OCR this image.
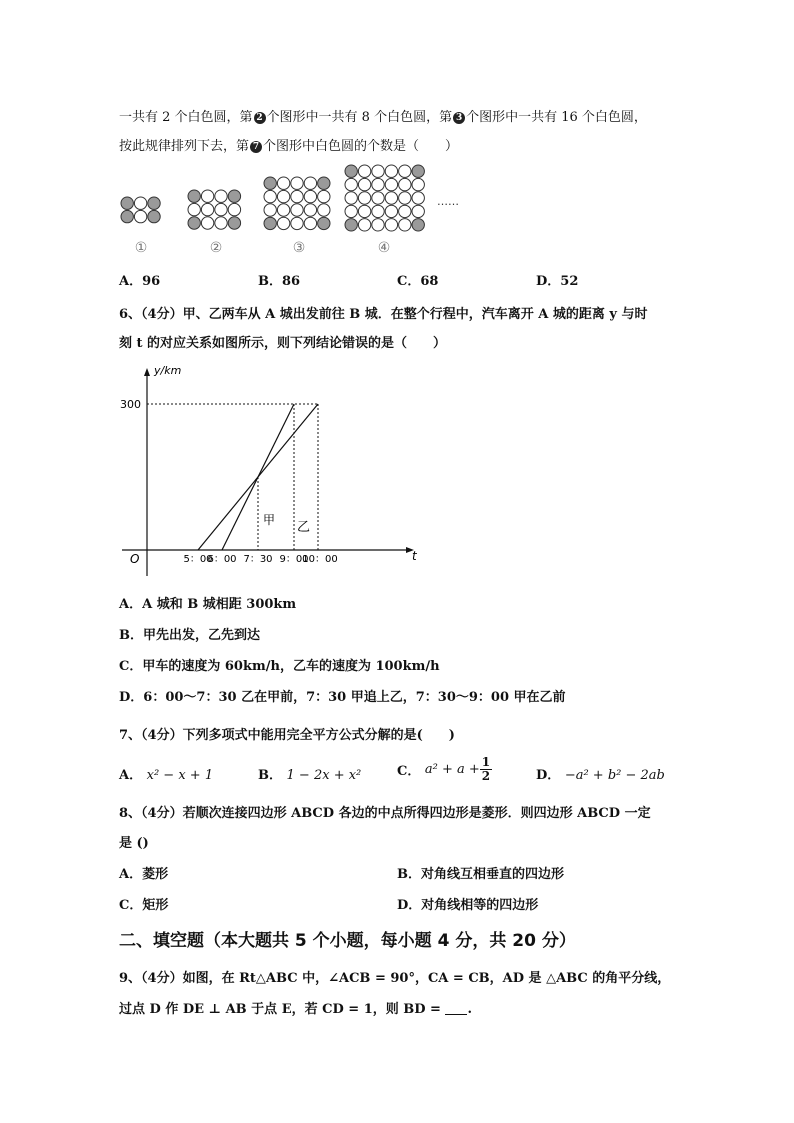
一共有 2 个白色圆，第 2 个图形中一共有 8 个白色圆，第 3 个图形中一共有 16 个白色圆，
按此规律排列下去，第 7 个图形中白色圆的个数是（　　）
①	②	③	④
……
A．96	B．86	C．68	D．52
6、（4分）甲、乙两车从 A 城出发前往 B 城．在整个行程中，汽车离开 A 城的距离 y 与时
刻 t 的对应关系如图所示，则下列结论错误的是（　　）
y/km
t
O
300
甲 乙
5：00
6：00 7：30 9：00
10：00
A．A 城和 B 城相距 300km
B．甲先出发，乙先到达
C．甲车的速度为 60km/h，乙车的速度为 100km/h
D．6：00～7：30 乙在甲前，7：30 甲追上乙，7：30～9：00 甲在乙前
7、（4分）下列多项式中能用完全平方公式分解的是(　　)
A． x² − x + 1	B． 1 − 2x + x²	C． $a^2 + a + \frac{1}{2}$	D． −a² + b² − 2ab
8、（4分）若顺次连接四边形 ABCD 各边的中点所得四边形是菱形．则四边形 ABCD 一定
是 ()
A．菱形	B．对角线互相垂直的四边形
C．矩形	D．对角线相等的四边形
二、填空题（本大题共 5 个小题，每小题 4 分，共 20 分）
9、（4分）如图，在 Rt△ABC 中，∠ACB = 90°，CA = CB，AD 是 △ABC 的角平分线，
过点 D 作 DE ⊥ AB 于点 E，若 CD = 1，则 BD = .
